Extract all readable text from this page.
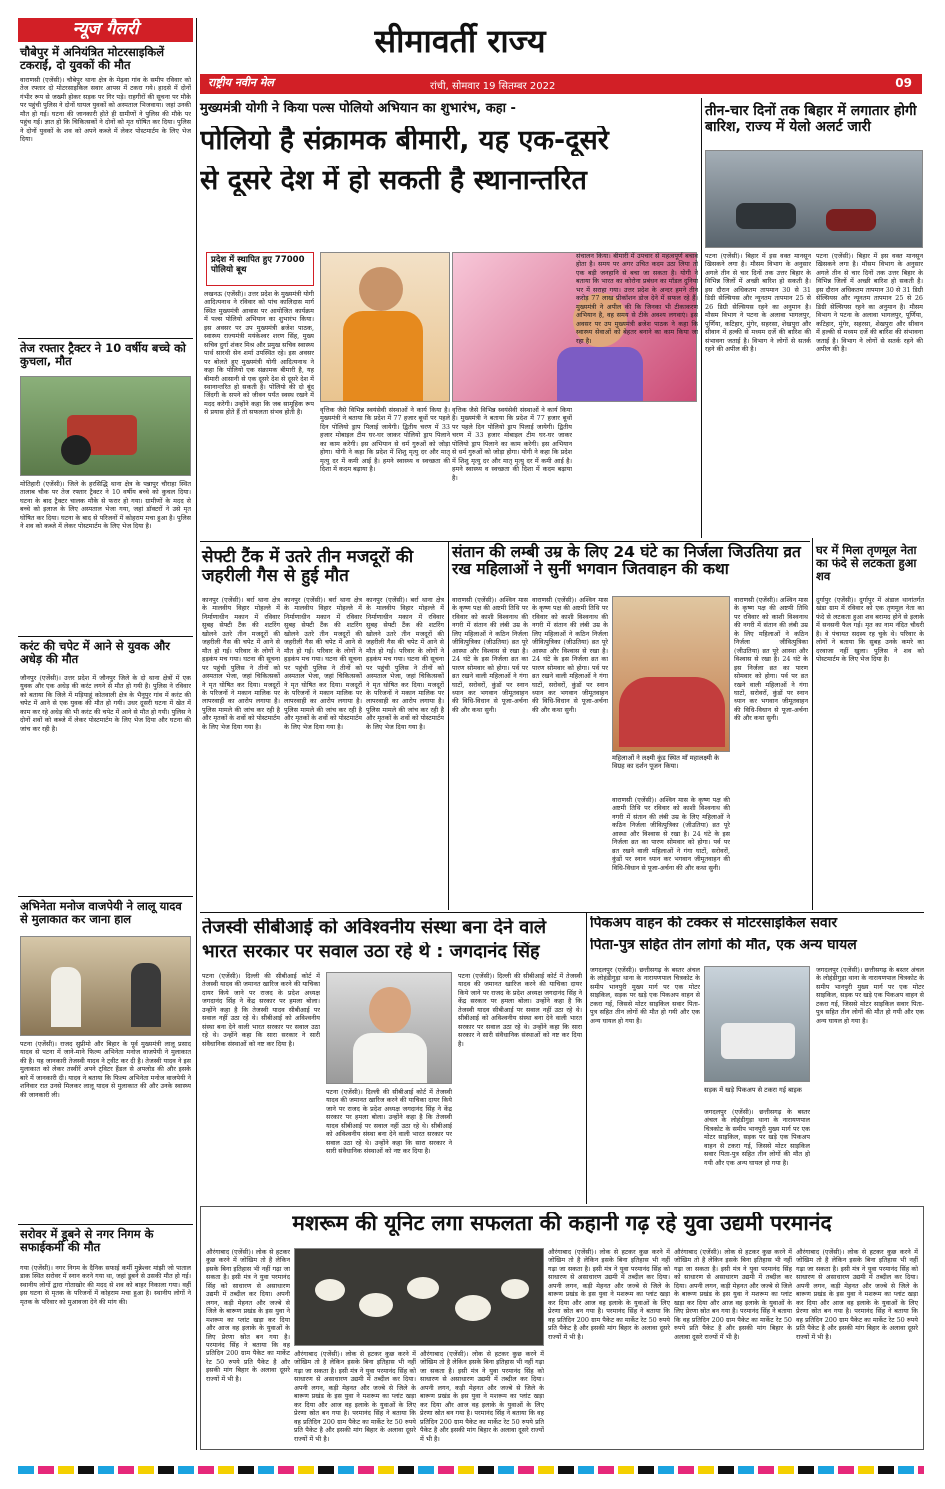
सीमावर्ती राज्य
राष्ट्रीय नवीन मेल	रांची, सोमवार 19 सितम्बर 2022	09
न्यूज गैलरी
चौबेपुर में अनियंत्रित मोटरसाइकिलें टकराईं, दो युवकों की मौत
वाराणसी (एजेंसी)। चौबेपुर थाना क्षेत्र के मेढ़वा गांव के समीप रविवार को तेज रफ्तार दो मोटरसाइकिल सवार आपस में टकरा गये। हादसे में दोनों गंभीर रूप से जख्मी होकर सड़क पर गिर पड़े। राहगीरों की सूचना पर मौके पर पहुंची पुलिस ने दोनों घायल युवकों को अस्पताल भिजवाया। जहां उनकी मौत हो गई। घटना की जानकारी होते ही ग्रामीणों ने पुलिस की मौके पर पहुंच गई। ज्ञात हो कि चिकित्सकों ने दोनों को मृत घोषित कर दिया। पुलिस ने दोनों युवकों के शव को अपने कब्जे में लेकर पोस्टमार्टम के लिए भेज दिया।
तेज रफ्तार ट्रैक्टर ने 10 वर्षीय बच्चे को कुचला, मौत
मोतिहारी (एजेंसी)। जिले के हरसिद्धि थाना क्षेत्र के पन्नापुर चौराहा स्थित तालाब चौक पर तेज रफ्तार ट्रैक्टर ने 10 वर्षीय बच्चे को कुचल दिया। घटना के बाद ट्रैक्टर चालक मौके से फरार हो गया। ग्रामीणों के मदद से बच्चे को इलाज के लिए अस्पताल भेजा गया, जहां डॉक्टरों ने उसे मृत घोषित कर दिया। घटना के बाद से परिजनों में कोहराम मचा हुआ है। पुलिस ने शव को कब्जे में लेकर पोस्टमार्टम के लिए भेज दिया है।
करंट की चपेट में आने से युवक और अधेड़ की मौत
जौनपुर (एजेंसी)। उत्तर प्रदेश में जौनपुर जिले के दो थाना क्षेत्रों में एक युवक और एक अधेड़ की करंट लगने से मौत हो गयी है। पुलिस ने रविवार को बताया कि जिले में मड़ियाहूं कोतवाली क्षेत्र के भैनूपुर गांव में करंट की चपेट में आने से एक युवक की मौत हो गयी। उधर दूसरी घटना में खेत में काम कर रहे अधेड़ की भी करंट की चपेट में आने से मौत हो गयी। पुलिस ने दोनों शवों को कब्जे में लेकर पोस्टमार्टम के लिए भेज दिया और घटना की जांच कर रही है।
अभिनेता मनोज वाजपेयी ने लालू यादव से मुलाकात कर जाना हाल
पटना (एजेंसी)। राजद सुप्रीमो और बिहार के पूर्व मुख्यमंत्री लालू प्रसाद यादव से पटना में जाने-माने फिल्म अभिनेता मनोज वाजपेयी ने मुलाकात की है। यह जानकारी तेजस्वी यादव ने ट्वीट कर दी है। तेजस्वी यादव ने इस मुलाकात को लेकर तस्वीरें अपने ट्विटर हैंडल से अपलोड की और इसके बारे में जानकारी दी। यादव ने बताया कि फिल्म अभिनेता मनोज वाजपेयी ने शनिवार रात उनसे मिलकर लालू यादव से मुलाकात की और उनके स्वास्थ्य की जानकारी ली।
सरोवर में डूबने से नगर निगम के सफाईकर्मी की मौत
गया (एजेंसी)। नगर निगम के दैनिक सफाई कर्मी मुन्नेश्वर मांझी जो पाताल डाक स्थित सरोवर में स्नान करने गया था, जहां डूबने से उसकी मौत हो गई। स्थानीय लोगों द्वारा गोताखोर की मदद से शव को बाहर निकाला गया। वहीं इस घटना से मृतक के परिजनों में कोहराम मचा हुआ है। स्थानीय लोगों ने मृतक के परिवार को मुआवजा देने की मांग की।
मुख्यमंत्री योगी ने किया पल्स पोलियो अभियान का शुभारंभ, कहा -
पोलियो है संक्रामक बीमारी, यह एक-दूसरे
से दूसरे देश में हो सकती है स्थानान्तरित
प्रदेश में स्थापित हुए 77000 पोलियो बूथ
लखनऊ (एजेंसी)। उत्तर प्रदेश के मुख्यमंत्री योगी आदित्यनाथ ने रविवार को पांच कालिदास मार्ग स्थित मुख्यमंत्री आवास पर आयोजित कार्यक्रम में पल्स पोलियो अभियान का शुभारंभ किया। इस अवसर पर उप मुख्यमंत्री ब्रजेश पाठक, स्वास्थ्य राज्यमंत्री मयंकेश्वर शरण सिंह, मुख्य सचिव दुर्गा शंकर मिश्र और प्रमुख सचिव स्वास्थ्य पार्थ सारथी सेन शर्मा उपस्थित रहे। इस अवसर पर बोलते हुए मुख्यमंत्री योगी आदित्यनाथ ने कहा कि पोलियो एक संक्रामक बीमारी है, यह बीमारी आसानी से एक दूसरे देश से दूसरे देश में स्थानान्तरित हो सकती है। पोलियो की दो बूंद जिंदगी के सपने को जीवन पर्यंत स्वस्थ रखने में मदद करेगी। उन्होंने कहा कि जब सामूहिक रूप से प्रयास होते हैं तो सफलता संभव होती है।	वृत्तिक जैसे विभिन्न स्वयंसेवी संस्थाओं ने कार्य किया है। मुख्यमंत्री ने बताया कि प्रदेश में 77 हजार बूथों पर पहले दिन पोलियो ड्राप पिलाई जायेगी। द्वितीय चरण में 33 हजार मोबाइल टीम घर-घर जाकर पोलियो ड्राप पिलाने का काम करेगी। इस अभियान से धर्म गुरुओं को जोड़ा होगा। योगी ने कहा कि प्रदेश में शिशु मृत्यु दर और मातृ मृत्यु दर में कमी आई है। हमने स्वास्थ्य व स्वच्छता की दिशा में कदम बढ़ाया है।
वृत्तिक जैसे विभिन्न स्वयंसेवी संस्थाओं ने कार्य किया है। मुख्यमंत्री ने बताया कि प्रदेश में 77 हजार बूथों पर पहले दिन पोलियो ड्राप पिलाई जायेगी। द्वितीय चरण में 33 हजार मोबाइल टीम घर-घर जाकर पोलियो ड्राप पिलाने का काम करेगी। इस अभियान से धर्म गुरुओं को जोड़ा होगा। योगी ने कहा कि प्रदेश में शिशु मृत्यु दर और मातृ मृत्यु दर में कमी आई है। हमने स्वास्थ्य व स्वच्छता की दिशा में कदम बढ़ाया है।
संचालन किया। बीमारी में उपचार से महत्वपूर्ण बचाव होता है। समय पर अगर उचित कदम उठा लिया तो एक बड़ी जनहानि से बचा जा सकता है। योगी ने बताया कि भारत का कोरोना प्रबंधन का मॉडल दुनिया भर में सराहा गया। उत्तर प्रदेश के अन्दर हमने तीन करोड़ 77 लाख प्रीकॉशन डोज देने में सफल रहे हैं। मुख्यमंत्री ने अपील की कि जिनका भी टीकाकरण अभियान है, वह समय से टीके अवश्य लगवाएं। इस अवसर पर उप मुख्यमंत्री ब्रजेश पाठक ने कहा कि स्वास्थ्य सेवाओं को बेहतर बनाने का काम किया जा रहा है।
तीन-चार दिनों तक बिहार में लगातार होगी बारिश, राज्य में येलो अलर्ट जारी
पटना (एजेंसी)। बिहार में इस वक्त मानसून खिसकने लगा है। मौसम विभाग के अनुसार अगले तीन से चार दिनों तक उत्तर बिहार के विभिन्न जिलों में अच्छी बारिश हो सकती है। इस दौरान अधिकतम तापमान 30 से 31 डिग्री सेल्सियस और न्यूनतम तापमान 25 से 26 डिग्री सेल्सियस रहने का अनुमान है। मौसम विभाग ने पटना के अलावा भागलपुर, पूर्णिया, कटिहार, मुंगेर, सहरसा, शेखपुरा और सीवान में हल्की से मध्यम दर्जे की बारिश की संभावना जताई है। विभाग ने लोगों से सतर्क रहने की अपील की है।
पटना (एजेंसी)। बिहार में इस वक्त मानसून खिसकने लगा है। मौसम विभाग के अनुसार अगले तीन से चार दिनों तक उत्तर बिहार के विभिन्न जिलों में अच्छी बारिश हो सकती है। इस दौरान अधिकतम तापमान 30 से 31 डिग्री सेल्सियस और न्यूनतम तापमान 25 से 26 डिग्री सेल्सियस रहने का अनुमान है। मौसम विभाग ने पटना के अलावा भागलपुर, पूर्णिया, कटिहार, मुंगेर, सहरसा, शेखपुरा और सीवान में हल्की से मध्यम दर्जे की बारिश की संभावना जताई है। विभाग ने लोगों से सतर्क रहने की अपील की है।
सेफ्टी टैंक में उतरे तीन मजदूरों की जहरीली गैस से हुई मौत
कानपुर (एजेंसी)। बर्रा थाना क्षेत्र के मालवीय विहार मोहल्ले में निर्माणाधीन मकान में रविवार सुबह सेफ्टी टैंक की शटरिंग खोलने उतरे तीन मजदूरों की जहरीली गैस की चपेट में आने से मौत हो गई। परिवार के लोगों ने हड़कंप मच गया। घटना की सूचना पर पहुंची पुलिस ने तीनों को अस्पताल भेजा, जहां चिकित्सकों ने मृत घोषित कर दिया। मजदूरों के परिजनों ने मकान मालिक पर लापरवाही का आरोप लगाया है। पुलिस मामले की जांच कर रही है और मृतकों के शवों को पोस्टमार्टम के लिए भेज दिया गया है।
कानपुर (एजेंसी)। बर्रा थाना क्षेत्र के मालवीय विहार मोहल्ले में निर्माणाधीन मकान में रविवार सुबह सेफ्टी टैंक की शटरिंग खोलने उतरे तीन मजदूरों की जहरीली गैस की चपेट में आने से मौत हो गई। परिवार के लोगों ने हड़कंप मच गया। घटना की सूचना पर पहुंची पुलिस ने तीनों को अस्पताल भेजा, जहां चिकित्सकों ने मृत घोषित कर दिया। मजदूरों के परिजनों ने मकान मालिक पर लापरवाही का आरोप लगाया है। पुलिस मामले की जांच कर रही है और मृतकों के शवों को पोस्टमार्टम के लिए भेज दिया गया है।
कानपुर (एजेंसी)। बर्रा थाना क्षेत्र के मालवीय विहार मोहल्ले में निर्माणाधीन मकान में रविवार सुबह सेफ्टी टैंक की शटरिंग खोलने उतरे तीन मजदूरों की जहरीली गैस की चपेट में आने से मौत हो गई। परिवार के लोगों ने हड़कंप मच गया। घटना की सूचना पर पहुंची पुलिस ने तीनों को अस्पताल भेजा, जहां चिकित्सकों ने मृत घोषित कर दिया। मजदूरों के परिजनों ने मकान मालिक पर लापरवाही का आरोप लगाया है। पुलिस मामले की जांच कर रही है और मृतकों के शवों को पोस्टमार्टम के लिए भेज दिया गया है।
संतान की लम्बी उम्र के लिए 24 घंटे का निर्जला जिउतिया व्रत रख महिलाओं ने सुनीं भगवान जितवाहन की कथा
वाराणसी (एजेंसी)। अश्विन मास के कृष्ण पक्ष की अष्टमी तिथि पर रविवार को काशी विश्वनाथ की नगरी में संतान की लंबी उम्र के लिए महिलाओं ने कठिन निर्जला जीवित्पुत्रिका (जीउतिया) व्रत पूरे आस्था और विश्वास से रखा है। 24 घंटे के इस निर्जला व्रत का पारण सोमवार को होगा। पर्व पर व्रत रखने वाली महिलाओं ने गंगा घाटों, सरोवरों, कुंडों पर स्नान ध्यान कर भगवान जीमूतवाहन की विधि-विधान से पूजा-अर्चना की और कथा सुनी।
वाराणसी (एजेंसी)। अश्विन मास के कृष्ण पक्ष की अष्टमी तिथि पर रविवार को काशी विश्वनाथ की नगरी में संतान की लंबी उम्र के लिए महिलाओं ने कठिन निर्जला जीवित्पुत्रिका (जीउतिया) व्रत पूरे आस्था और विश्वास से रखा है। 24 घंटे के इस निर्जला व्रत का पारण सोमवार को होगा। पर्व पर व्रत रखने वाली महिलाओं ने गंगा घाटों, सरोवरों, कुंडों पर स्नान ध्यान कर भगवान जीमूतवाहन की विधि-विधान से पूजा-अर्चना की और कथा सुनी।
महिलाओं ने लक्ष्मी कुंड स्थित माँ महालक्ष्मी के विग्रह का दर्शन पूजन किया।
वाराणसी (एजेंसी)। अश्विन मास के कृष्ण पक्ष की अष्टमी तिथि पर रविवार को काशी विश्वनाथ की नगरी में संतान की लंबी उम्र के लिए महिलाओं ने कठिन निर्जला जीवित्पुत्रिका (जीउतिया) व्रत पूरे आस्था और विश्वास से रखा है। 24 घंटे के इस निर्जला व्रत का पारण सोमवार को होगा। पर्व पर व्रत रखने वाली महिलाओं ने गंगा घाटों, सरोवरों, कुंडों पर स्नान ध्यान कर भगवान जीमूतवाहन की विधि-विधान से पूजा-अर्चना की और कथा सुनी।
वाराणसी (एजेंसी)। अश्विन मास के कृष्ण पक्ष की अष्टमी तिथि पर रविवार को काशी विश्वनाथ की नगरी में संतान की लंबी उम्र के लिए महिलाओं ने कठिन निर्जला जीवित्पुत्रिका (जीउतिया) व्रत पूरे आस्था और विश्वास से रखा है। 24 घंटे के इस निर्जला व्रत का पारण सोमवार को होगा। पर्व पर व्रत रखने वाली महिलाओं ने गंगा घाटों, सरोवरों, कुंडों पर स्नान ध्यान कर भगवान जीमूतवाहन की विधि-विधान से पूजा-अर्चना की और कथा सुनी।
घर में मिला तृणमूल नेता का फंदे से लटकता हुआ शव
दुर्गापुर (एजेंसी)। दुर्गापुर में अंडाल थानांतर्गत खंडा ग्राम में रविवार को एक तृणमूल नेता का फंदे से लटकता हुआ शव बरामद होने से इलाके में सनसनी फैल गई। मृत का नाम नंदित चौधरी है। वे पंचायत सदस्य रह चुके थे। परिवार के लोगों ने बताया कि सुबह उनके कमरे का दरवाजा नहीं खुला। पुलिस ने शव को पोस्टमार्टम के लिए भेज दिया है।
तेजस्वी सीबीआई को अविश्वनीय संस्था बना देने वाले
भारत सरकार पर सवाल उठा रहे थे : जगदानंद सिंह
पटना (एजेंसी)। दिल्ली की सीबीआई कोर्ट में तेजस्वी यादव की जमानत खारिज करने की याचिका दायर किये जाने पर राजद के प्रदेश अध्यक्ष जगदानंद सिंह ने केंद्र सरकार पर हमला बोला। उन्होंने कहा है कि तेजस्वी यादव सीबीआई पर सवाल नहीं उठा रहे थे। सीबीआई को अविश्वनीय संस्था बना देने वाली भारत सरकार पर सवाल उठा रहे थे। उन्होंने कहा कि सारा सरकार ने सारी संवैधानिक संस्थाओं को नष्ट कर दिया है।
पटना (एजेंसी)। दिल्ली की सीबीआई कोर्ट में तेजस्वी यादव की जमानत खारिज करने की याचिका दायर किये जाने पर राजद के प्रदेश अध्यक्ष जगदानंद सिंह ने केंद्र सरकार पर हमला बोला। उन्होंने कहा है कि तेजस्वी यादव सीबीआई पर सवाल नहीं उठा रहे थे। सीबीआई को अविश्वनीय संस्था बना देने वाली भारत सरकार पर सवाल उठा रहे थे। उन्होंने कहा कि सारा सरकार ने सारी संवैधानिक संस्थाओं को नष्ट कर दिया है।
पटना (एजेंसी)। दिल्ली की सीबीआई कोर्ट में तेजस्वी यादव की जमानत खारिज करने की याचिका दायर किये जाने पर राजद के प्रदेश अध्यक्ष जगदानंद सिंह ने केंद्र सरकार पर हमला बोला। उन्होंने कहा है कि तेजस्वी यादव सीबीआई पर सवाल नहीं उठा रहे थे। सीबीआई को अविश्वनीय संस्था बना देने वाली भारत सरकार पर सवाल उठा रहे थे। उन्होंने कहा कि सारा सरकार ने सारी संवैधानिक संस्थाओं को नष्ट कर दिया है।
पिकअप वाहन की टक्कर से मोटरसाइकिल सवार
पिता-पुत्र सहित तीन लोगों की मौत, एक अन्य घायल
जगदलपुर (एजेंसी)। छत्तीसगढ़ के बस्तर अंचल के लोहंडीगुड़ा थाना के नारायणपाल चित्रकोट के समीप भानपुरी मुख्य मार्ग पर एक मोटर साइकिल, सड़क पर खड़े एक पिकअप वाहन से टकरा गई, जिससे मोटर साइकिल सवार पिता-पुत्र सहित तीन लोगों की मौत हो गयी और एक अन्य घायल हो गया है।
सड़क में खड़े पिकअप से टकरा गई बाइक
जगदलपुर (एजेंसी)। छत्तीसगढ़ के बस्तर अंचल के लोहंडीगुड़ा थाना के नारायणपाल चित्रकोट के समीप भानपुरी मुख्य मार्ग पर एक मोटर साइकिल, सड़क पर खड़े एक पिकअप वाहन से टकरा गई, जिससे मोटर साइकिल सवार पिता-पुत्र सहित तीन लोगों की मौत हो गयी और एक अन्य घायल हो गया है।
जगदलपुर (एजेंसी)। छत्तीसगढ़ के बस्तर अंचल के लोहंडीगुड़ा थाना के नारायणपाल चित्रकोट के समीप भानपुरी मुख्य मार्ग पर एक मोटर साइकिल, सड़क पर खड़े एक पिकअप वाहन से टकरा गई, जिससे मोटर साइकिल सवार पिता-पुत्र सहित तीन लोगों की मौत हो गयी और एक अन्य घायल हो गया है।
मशरूम की यूनिट लगा सफलता की कहानी गढ़ रहे युवा उद्यमी परमानंद
औरंगाबाद (एजेंसी)। लोक से हटकर कुछ करने में जोखिम तो है लेकिन इसके बिना इतिहास भी नहीं गढ़ा जा सकता है। इसी मंत्र ने युवा परमानंद सिंह को साधारण से असाधारण उद्यमी में तब्दील कर दिया। अपनी लगन, कड़ी मेहनत और जज्बे से जिले के बारूण प्रखंड के इस युवा ने मशरूम का प्लांट खड़ा कर दिया और आज वह इलाके के युवाओं के लिए प्रेरणा स्रोत बन गया है। परमानंद सिंह ने बताया कि वह प्रतिदिन 200 ग्राम पैकेट का मार्केट रेट 50 रुपये प्रति पैकेट है और इसकी मांग बिहार के अलावा दूसरे राज्यों में भी है।
औरंगाबाद (एजेंसी)। लोक से हटकर कुछ करने में जोखिम तो है लेकिन इसके बिना इतिहास भी नहीं गढ़ा जा सकता है। इसी मंत्र ने युवा परमानंद सिंह को साधारण से असाधारण उद्यमी में तब्दील कर दिया। अपनी लगन, कड़ी मेहनत और जज्बे से जिले के बारूण प्रखंड के इस युवा ने मशरूम का प्लांट खड़ा कर दिया और आज वह इलाके के युवाओं के लिए प्रेरणा स्रोत बन गया है। परमानंद सिंह ने बताया कि वह प्रतिदिन 200 ग्राम पैकेट का मार्केट रेट 50 रुपये प्रति पैकेट है और इसकी मांग बिहार के अलावा दूसरे राज्यों में भी है।
औरंगाबाद (एजेंसी)। लोक से हटकर कुछ करने में जोखिम तो है लेकिन इसके बिना इतिहास भी नहीं गढ़ा जा सकता है। इसी मंत्र ने युवा परमानंद सिंह को साधारण से असाधारण उद्यमी में तब्दील कर दिया। अपनी लगन, कड़ी मेहनत और जज्बे से जिले के बारूण प्रखंड के इस युवा ने मशरूम का प्लांट खड़ा कर दिया और आज वह इलाके के युवाओं के लिए प्रेरणा स्रोत बन गया है। परमानंद सिंह ने बताया कि वह प्रतिदिन 200 ग्राम पैकेट का मार्केट रेट 50 रुपये प्रति पैकेट है और इसकी मांग बिहार के अलावा दूसरे राज्यों में भी है।
औरंगाबाद (एजेंसी)। लोक से हटकर कुछ करने में जोखिम तो है लेकिन इसके बिना इतिहास भी नहीं गढ़ा जा सकता है। इसी मंत्र ने युवा परमानंद सिंह को साधारण से असाधारण उद्यमी में तब्दील कर दिया। अपनी लगन, कड़ी मेहनत और जज्बे से जिले के बारूण प्रखंड के इस युवा ने मशरूम का प्लांट खड़ा कर दिया और आज वह इलाके के युवाओं के लिए प्रेरणा स्रोत बन गया है। परमानंद सिंह ने बताया कि वह प्रतिदिन 200 ग्राम पैकेट का मार्केट रेट 50 रुपये प्रति पैकेट है और इसकी मांग बिहार के अलावा दूसरे राज्यों में भी है।
औरंगाबाद (एजेंसी)। लोक से हटकर कुछ करने में जोखिम तो है लेकिन इसके बिना इतिहास भी नहीं गढ़ा जा सकता है। इसी मंत्र ने युवा परमानंद सिंह को साधारण से असाधारण उद्यमी में तब्दील कर दिया। अपनी लगन, कड़ी मेहनत और जज्बे से जिले के बारूण प्रखंड के इस युवा ने मशरूम का प्लांट खड़ा कर दिया और आज वह इलाके के युवाओं के लिए प्रेरणा स्रोत बन गया है। परमानंद सिंह ने बताया कि वह प्रतिदिन 200 ग्राम पैकेट का मार्केट रेट 50 रुपये प्रति पैकेट है और इसकी मांग बिहार के अलावा दूसरे राज्यों में भी है।
औरंगाबाद (एजेंसी)। लोक से हटकर कुछ करने में जोखिम तो है लेकिन इसके बिना इतिहास भी नहीं गढ़ा जा सकता है। इसी मंत्र ने युवा परमानंद सिंह को साधारण से असाधारण उद्यमी में तब्दील कर दिया। अपनी लगन, कड़ी मेहनत और जज्बे से जिले के बारूण प्रखंड के इस युवा ने मशरूम का प्लांट खड़ा कर दिया और आज वह इलाके के युवाओं के लिए प्रेरणा स्रोत बन गया है। परमानंद सिंह ने बताया कि वह प्रतिदिन 200 ग्राम पैकेट का मार्केट रेट 50 रुपये प्रति पैकेट है और इसकी मांग बिहार के अलावा दूसरे राज्यों में भी है।
